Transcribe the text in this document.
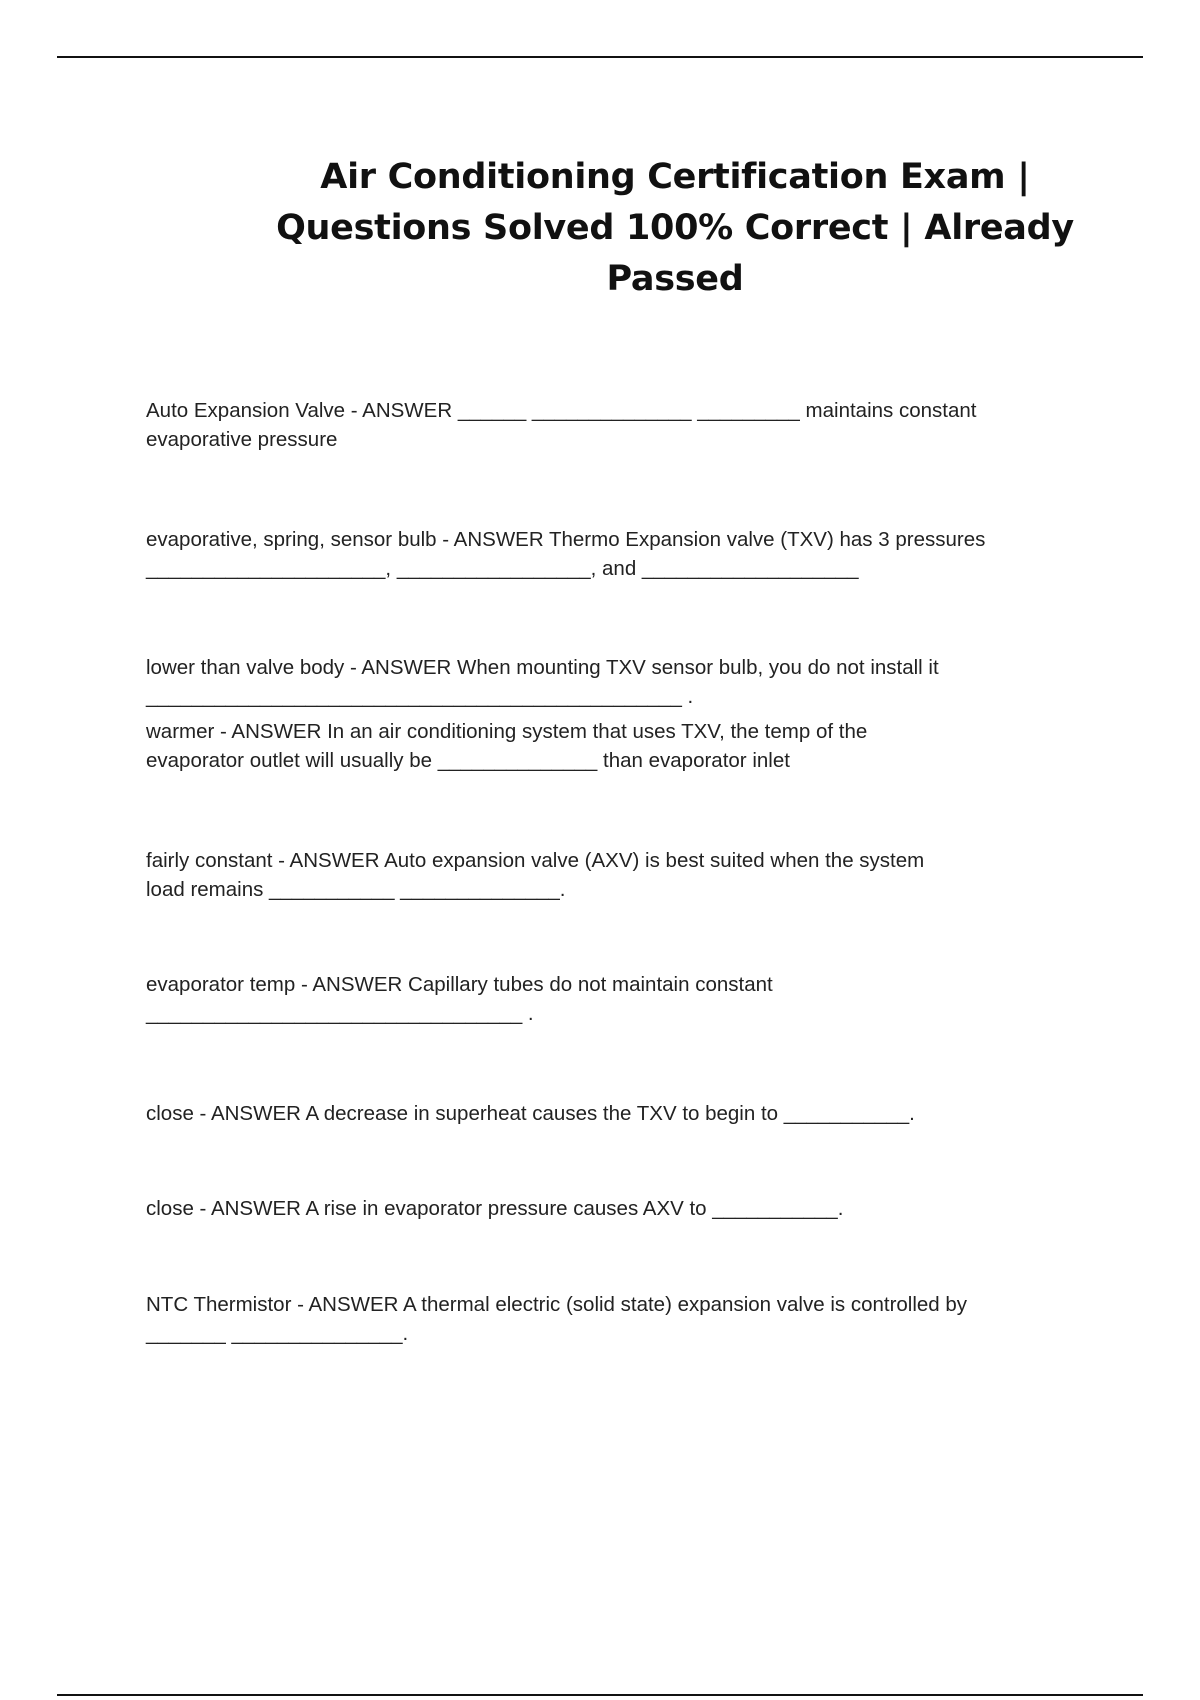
Air Conditioning Certification Exam |
Questions Solved 100% Correct | Already
Passed
Auto Expansion Valve - ANSWER ______ ______________ _________ maintains constant
evaporative pressure
evaporative, spring, sensor bulb - ANSWER Thermo Expansion valve (TXV) has 3 pressures
_____________________, _________________, and ___________________
lower than valve body - ANSWER When mounting TXV sensor bulb, you do not install it
_______________________________________________ .
warmer - ANSWER In an air conditioning system that uses TXV, the temp of the
evaporator outlet will usually be ______________ than evaporator inlet
fairly constant - ANSWER Auto expansion valve (AXV) is best suited when the system
load remains ___________ ______________.
evaporator temp - ANSWER Capillary tubes do not maintain constant
_________________________________ .
close - ANSWER A decrease in superheat causes the TXV to begin to ___________.
close - ANSWER A rise in evaporator pressure causes AXV to ___________.
NTC Thermistor - ANSWER A thermal electric (solid state) expansion valve is controlled by
_______ _______________.
